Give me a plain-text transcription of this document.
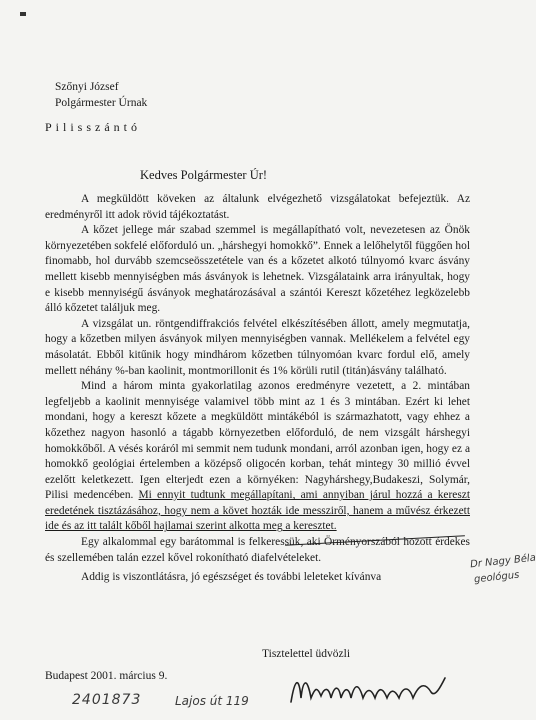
Szőnyi József
Polgármester Úrnak
Pilisszántó
Kedves Polgármester Úr!

A megküldött köveken az általunk elvégezhető vizsgálatokat befejeztük. Az eredményről itt adok rövid tájékoztatást.

A kőzet jellege már szabad szemmel is megállapítható volt, nevezetesen az Önök környezetében sokfelé előforduló un. „hárshegyi homokkő”. Ennek a lelőhelytől függően hol finomabb, hol durvább szemcseösszetétele van és a kőzetet alkotó túlnyomó kvarc ásvány mellett kisebb mennyiségben más ásványok is lehetnek. Vizsgálataink arra irányultak, hogy e kisebb mennyiségű ásványok meghatározásával a szántói Kereszt kőzetéhez legközelebb álló kőzetet találjuk meg.

A vizsgálat un. röntgendiffrakciós felvétel elkészítésében állott, amely megmutatja, hogy a kőzetben milyen ásványok milyen mennyiségben vannak. Mellékelem a felvétel egy másolatát. Ebből kitűnik hogy mindhárom kőzetben túlnyomóan kvarc fordul elő, amely mellett néhány %-ban kaolinit, montmorillonit és 1% körüli rutil (titán)ásvány található.

Mind a három minta gyakorlatilag azonos eredményre vezetett, a 2. mintában legfeljebb a kaolinit mennyisége valamivel több mint az 1 és 3 mintában. Ezért ki lehet mondani, hogy a kereszt kőzete a megküldött mintákéból is származhatott, vagy ehhez a kőzethez nagyon hasonló a tágabb környezetben előforduló, de nem vizsgált hárshegyi homokkőből. A vésés koráról mi semmit nem tudunk mondani, arról azonban igen, hogy ez a homokkő geológiai értelemben a középső oligocén korban, tehát mintegy 30 millió évvel ezelőtt keletkezett. Igen elterjedt ezen a környéken: Nagyhárshegy,Budakeszi, Solymár, Pilisi medencében. Mi ennyit tudtunk megállapítani, ami annyiban járul hozzá a kereszt eredetének tisztázásához, hogy nem a követ hozták ide messziről, hanem a művész érkezett ide és az itt talált kőből hajlamai szerint alkotta meg a keresztet.

Egy alkalommal egy barátommal is felkeressük, aki Örményorszából hozott érdekes és szellemében talán ezzel kővel rokonítható diafelvételeket.

Addig is viszontlátásra, jó egészséget és további leleteket kívánva

Dr Nagy Béla
geológus
Tisztelettel üdvözli
Budapest 2001. március 9.
2401873	Lajos út 119
Nagy Béla
